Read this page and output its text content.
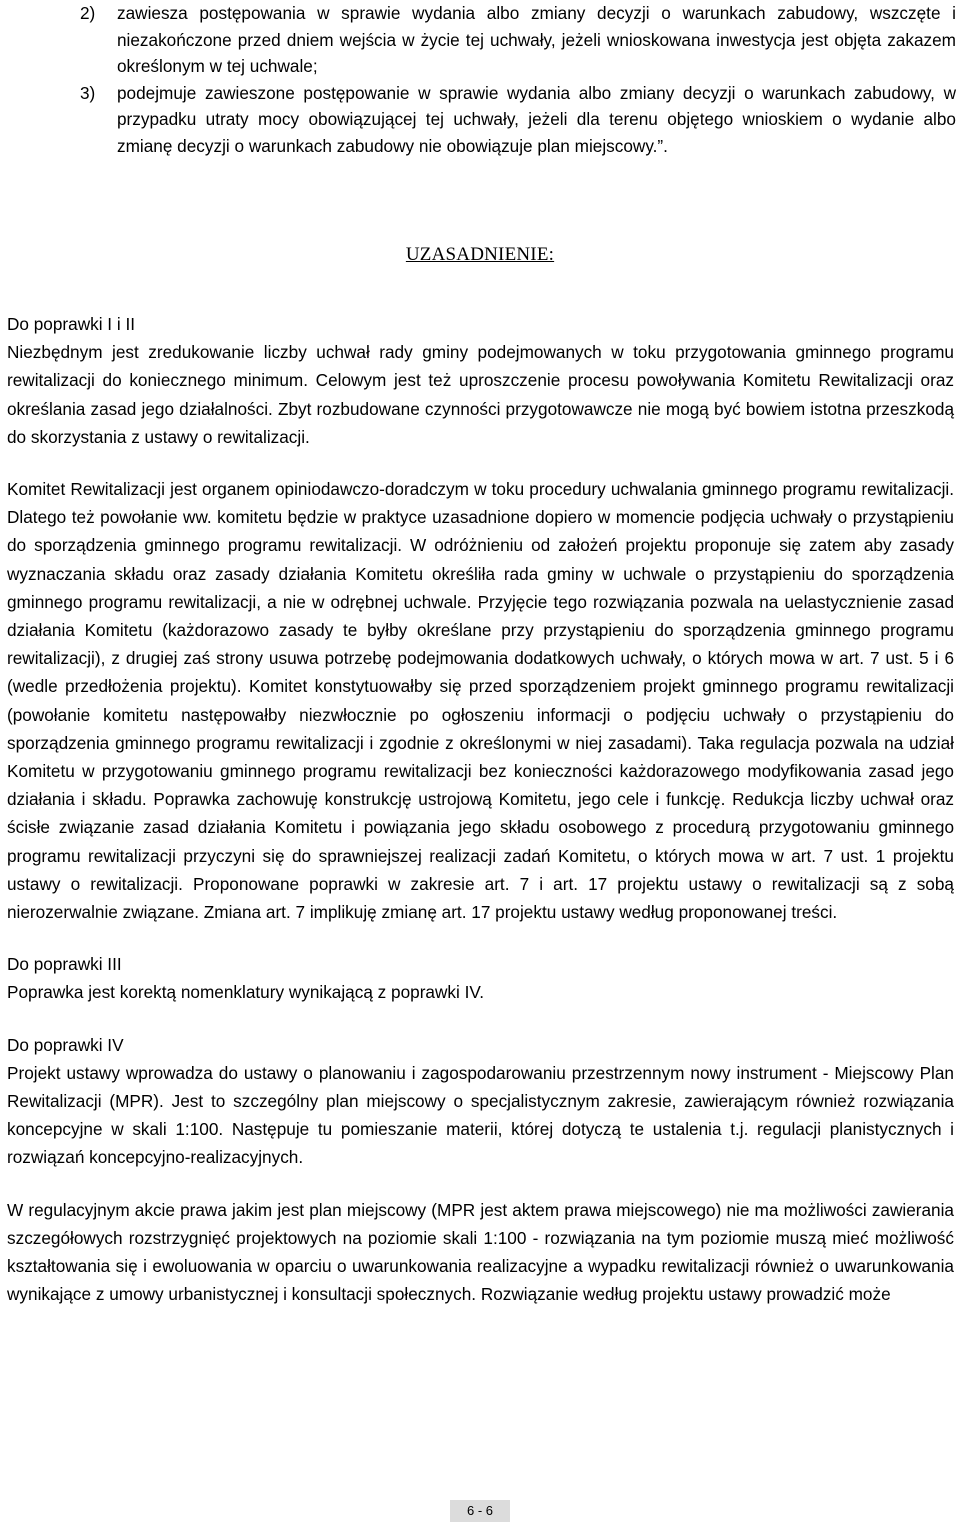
2) zawiesza postępowania w sprawie wydania albo zmiany decyzji o warunkach zabudowy, wszczęte i niezakończone przed dniem wejścia w życie tej uchwały, jeżeli wnioskowana inwestycja jest objęta zakazem określonym w tej uchwale;
3) podejmuje zawieszone postępowanie w sprawie wydania albo zmiany decyzji o warunkach zabudowy, w przypadku utraty mocy obowiązującej tej uchwały, jeżeli dla terenu objętego wnioskiem o wydanie albo zmianę decyzji o warunkach zabudowy nie obowiązuje plan miejscowy.”.
UZASADNIENIE:

Do poprawki I i II

Niezbędnym jest zredukowanie liczby uchwał rady gminy podejmowanych w toku przygotowania gminnego programu rewitalizacji do koniecznego minimum. Celowym jest też uproszczenie procesu powoływania Komitetu Rewitalizacji oraz określania zasad jego działalności. Zbyt rozbudowane czynności przygotowawcze nie mogą być bowiem istotna przeszkodą do skorzystania z ustawy o rewitalizacji.

Komitet Rewitalizacji jest organem opiniodawczo-doradczym w toku procedury uchwalania gminnego programu rewitalizacji. Dlatego też powołanie ww. komitetu będzie w praktyce uzasadnione dopiero w momencie podjęcia uchwały o przystąpieniu do sporządzenia gminnego programu rewitalizacji. W odróżnieniu od założeń projektu proponuje się zatem aby zasady wyznaczania składu oraz zasady działania Komitetu określiła rada gminy w uchwale o przystąpieniu do sporządzenia gminnego programu rewitalizacji, a nie w odrębnej uchwale. Przyjęcie tego rozwiązania pozwala na uelastycznienie zasad działania Komitetu (każdorazowo zasady te byłby określane przy przystąpieniu do sporządzenia gminnego programu rewitalizacji), z drugiej zaś strony usuwa potrzebę podejmowania dodatkowych uchwały, o których mowa w art. 7 ust. 5 i 6 (wedle przedłożenia projektu). Komitet konstytuowałby się przed sporządzeniem projekt gminnego programu rewitalizacji (powołanie komitetu następowałby niezwłocznie po ogłoszeniu informacji o podjęciu uchwały o przystąpieniu do sporządzenia gminnego programu rewitalizacji i zgodnie z określonymi w niej zasadami). Taka regulacja pozwala na udział Komitetu w przygotowaniu gminnego programu rewitalizacji bez konieczności każdorazowego modyfikowania zasad jego działania i składu. Poprawka zachowuję konstrukcję ustrojową Komitetu, jego cele i funkcję. Redukcja liczby uchwał oraz ścisłe związanie zasad działania Komitetu i powiązania jego składu osobowego z procedurą przygotowaniu gminnego programu rewitalizacji przyczyni się do sprawniejszej realizacji zadań Komitetu, o których mowa w art. 7 ust. 1 projektu ustawy o rewitalizacji. Proponowane poprawki w zakresie art. 7 i art. 17 projektu ustawy o rewitalizacji są z sobą nierozerwalnie związane. Zmiana art. 7 implikuję zmianę art. 17 projektu ustawy według proponowanej treści.

Do poprawki III

Poprawka jest korektą nomenklatury wynikającą z poprawki IV.

Do poprawki IV

Projekt ustawy wprowadza do ustawy o planowaniu i zagospodarowaniu przestrzennym nowy instrument - Miejscowy Plan Rewitalizacji (MPR). Jest to szczególny plan miejscowy o specjalistycznym zakresie, zawierającym również rozwiązania koncepcyjne w skali 1:100. Następuje tu pomieszanie materii, której dotyczą te ustalenia t.j. regulacji planistycznych i rozwiązań koncepcyjno-realizacyjnych.

W regulacyjnym akcie prawa jakim jest plan miejscowy (MPR jest aktem prawa miejscowego) nie ma możliwości zawierania szczegółowych rozstrzygnięć projektowych na poziomie skali 1:100 - rozwiązania na tym poziomie muszą mieć możliwość kształtowania się i ewoluowania w oparciu o uwarunkowania realizacyjne a wypadku rewitalizacji również o uwarunkowania wynikające z umowy urbanistycznej i konsultacji społecznych. Rozwiązanie według projektu ustawy prowadzić może

6 - 6
